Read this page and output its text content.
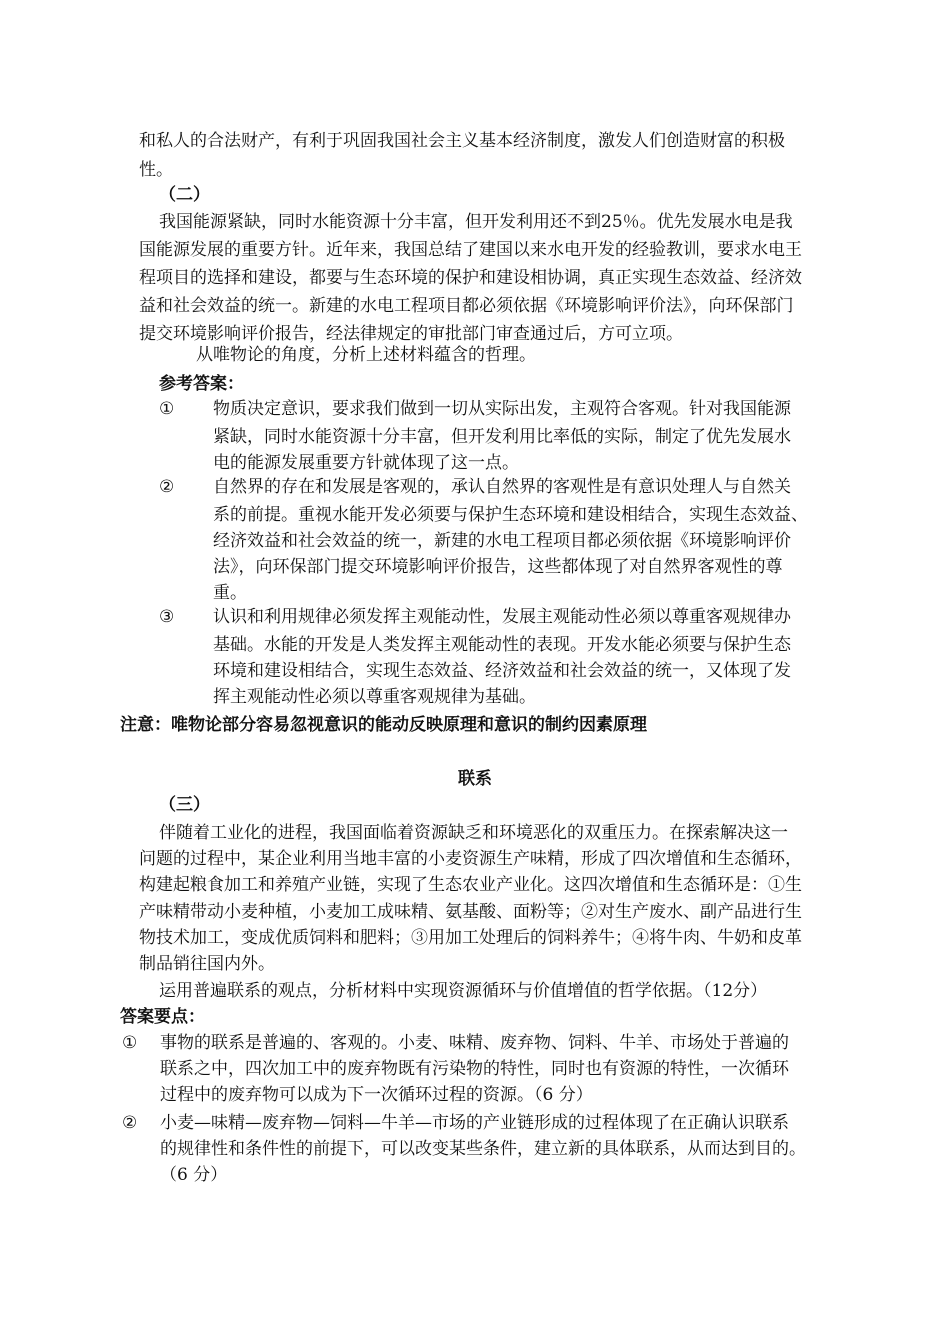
和私人的合法财产，有利于巩固我国社会主义基本经济制度，激发人们创造财富的积极
性。
（二）
我国能源紧缺，同时水能资源十分丰富，但开发利用还不到25％。优先发展水电是我
国能源发展的重要方针。近年来，我国总结了建国以来水电开发的经验教训，要求水电王
程项目的选择和建设，都要与生态环境的保护和建设相协调，真正实现生态效益、经济效
益和社会效益的统一。新建的水电工程项目都必须依据《环境影响评价法》，向环保部门
提交环境影响评价报告，经法律规定的审批部门审查通过后，方可立项。
从唯物论的角度，分析上述材料蕴含的哲理。
参考答案：
① 物质决定意识，要求我们做到一切从实际出发，主观符合客观。针对我国能源
紧缺，同时水能资源十分丰富，但开发利用比率低的实际，制定了优先发展水
电的能源发展重要方针就体现了这一点。
② 自然界的存在和发展是客观的，承认自然界的客观性是有意识处理人与自然关
系的前提。重视水能开发必须要与保护生态环境和建设相结合，实现生态效益、
经济效益和社会效益的统一，新建的水电工程项目都必须依据《环境影响评价
法》，向环保部门提交环境影响评价报告，这些都体现了对自然界客观性的尊
重。
③ 认识和利用规律必须发挥主观能动性，发展主观能动性必须以尊重客观规律办
基础。水能的开发是人类发挥主观能动性的表现。开发水能必须要与保护生态
环境和建设相结合，实现生态效益、经济效益和社会效益的统一，又体现了发
挥主观能动性必须以尊重客观规律为基础。
注意：唯物论部分容易忽视意识的能动反映原理和意识的制约因素原理
联系
（三）
伴随着工业化的进程，我国面临着资源缺乏和环境恶化的双重压力。在探索解决这一
问题的过程中，某企业利用当地丰富的小麦资源生产味精，形成了四次增值和生态循环，
构建起粮食加工和养殖产业链，实现了生态农业产业化。这四次增值和生态循环是：①生
产味精带动小麦种植，小麦加工成味精、氨基酸、面粉等；②对生产废水、副产品进行生
物技术加工，变成优质饲料和肥料；③用加工处理后的饲料养牛；④将牛肉、牛奶和皮革
制品销往国内外。
运用普遍联系的观点，分析材料中实现资源循环与价值增值的哲学依据。（12分）
答案要点：
① 事物的联系是普遍的、客观的。小麦、味精、废弃物、饲料、牛羊、市场处于普遍的
联系之中，四次加工中的废弃物既有污染物的特性，同时也有资源的特性，一次循环
过程中的废弃物可以成为下一次循环过程的资源。（6 分）
② 小麦—味精—废弃物—饲料—牛羊—市场的产业链形成的过程体现了在正确认识联系
的规律性和条件性的前提下，可以改变某些条件，建立新的具体联系，从而达到目的。
（6 分）
